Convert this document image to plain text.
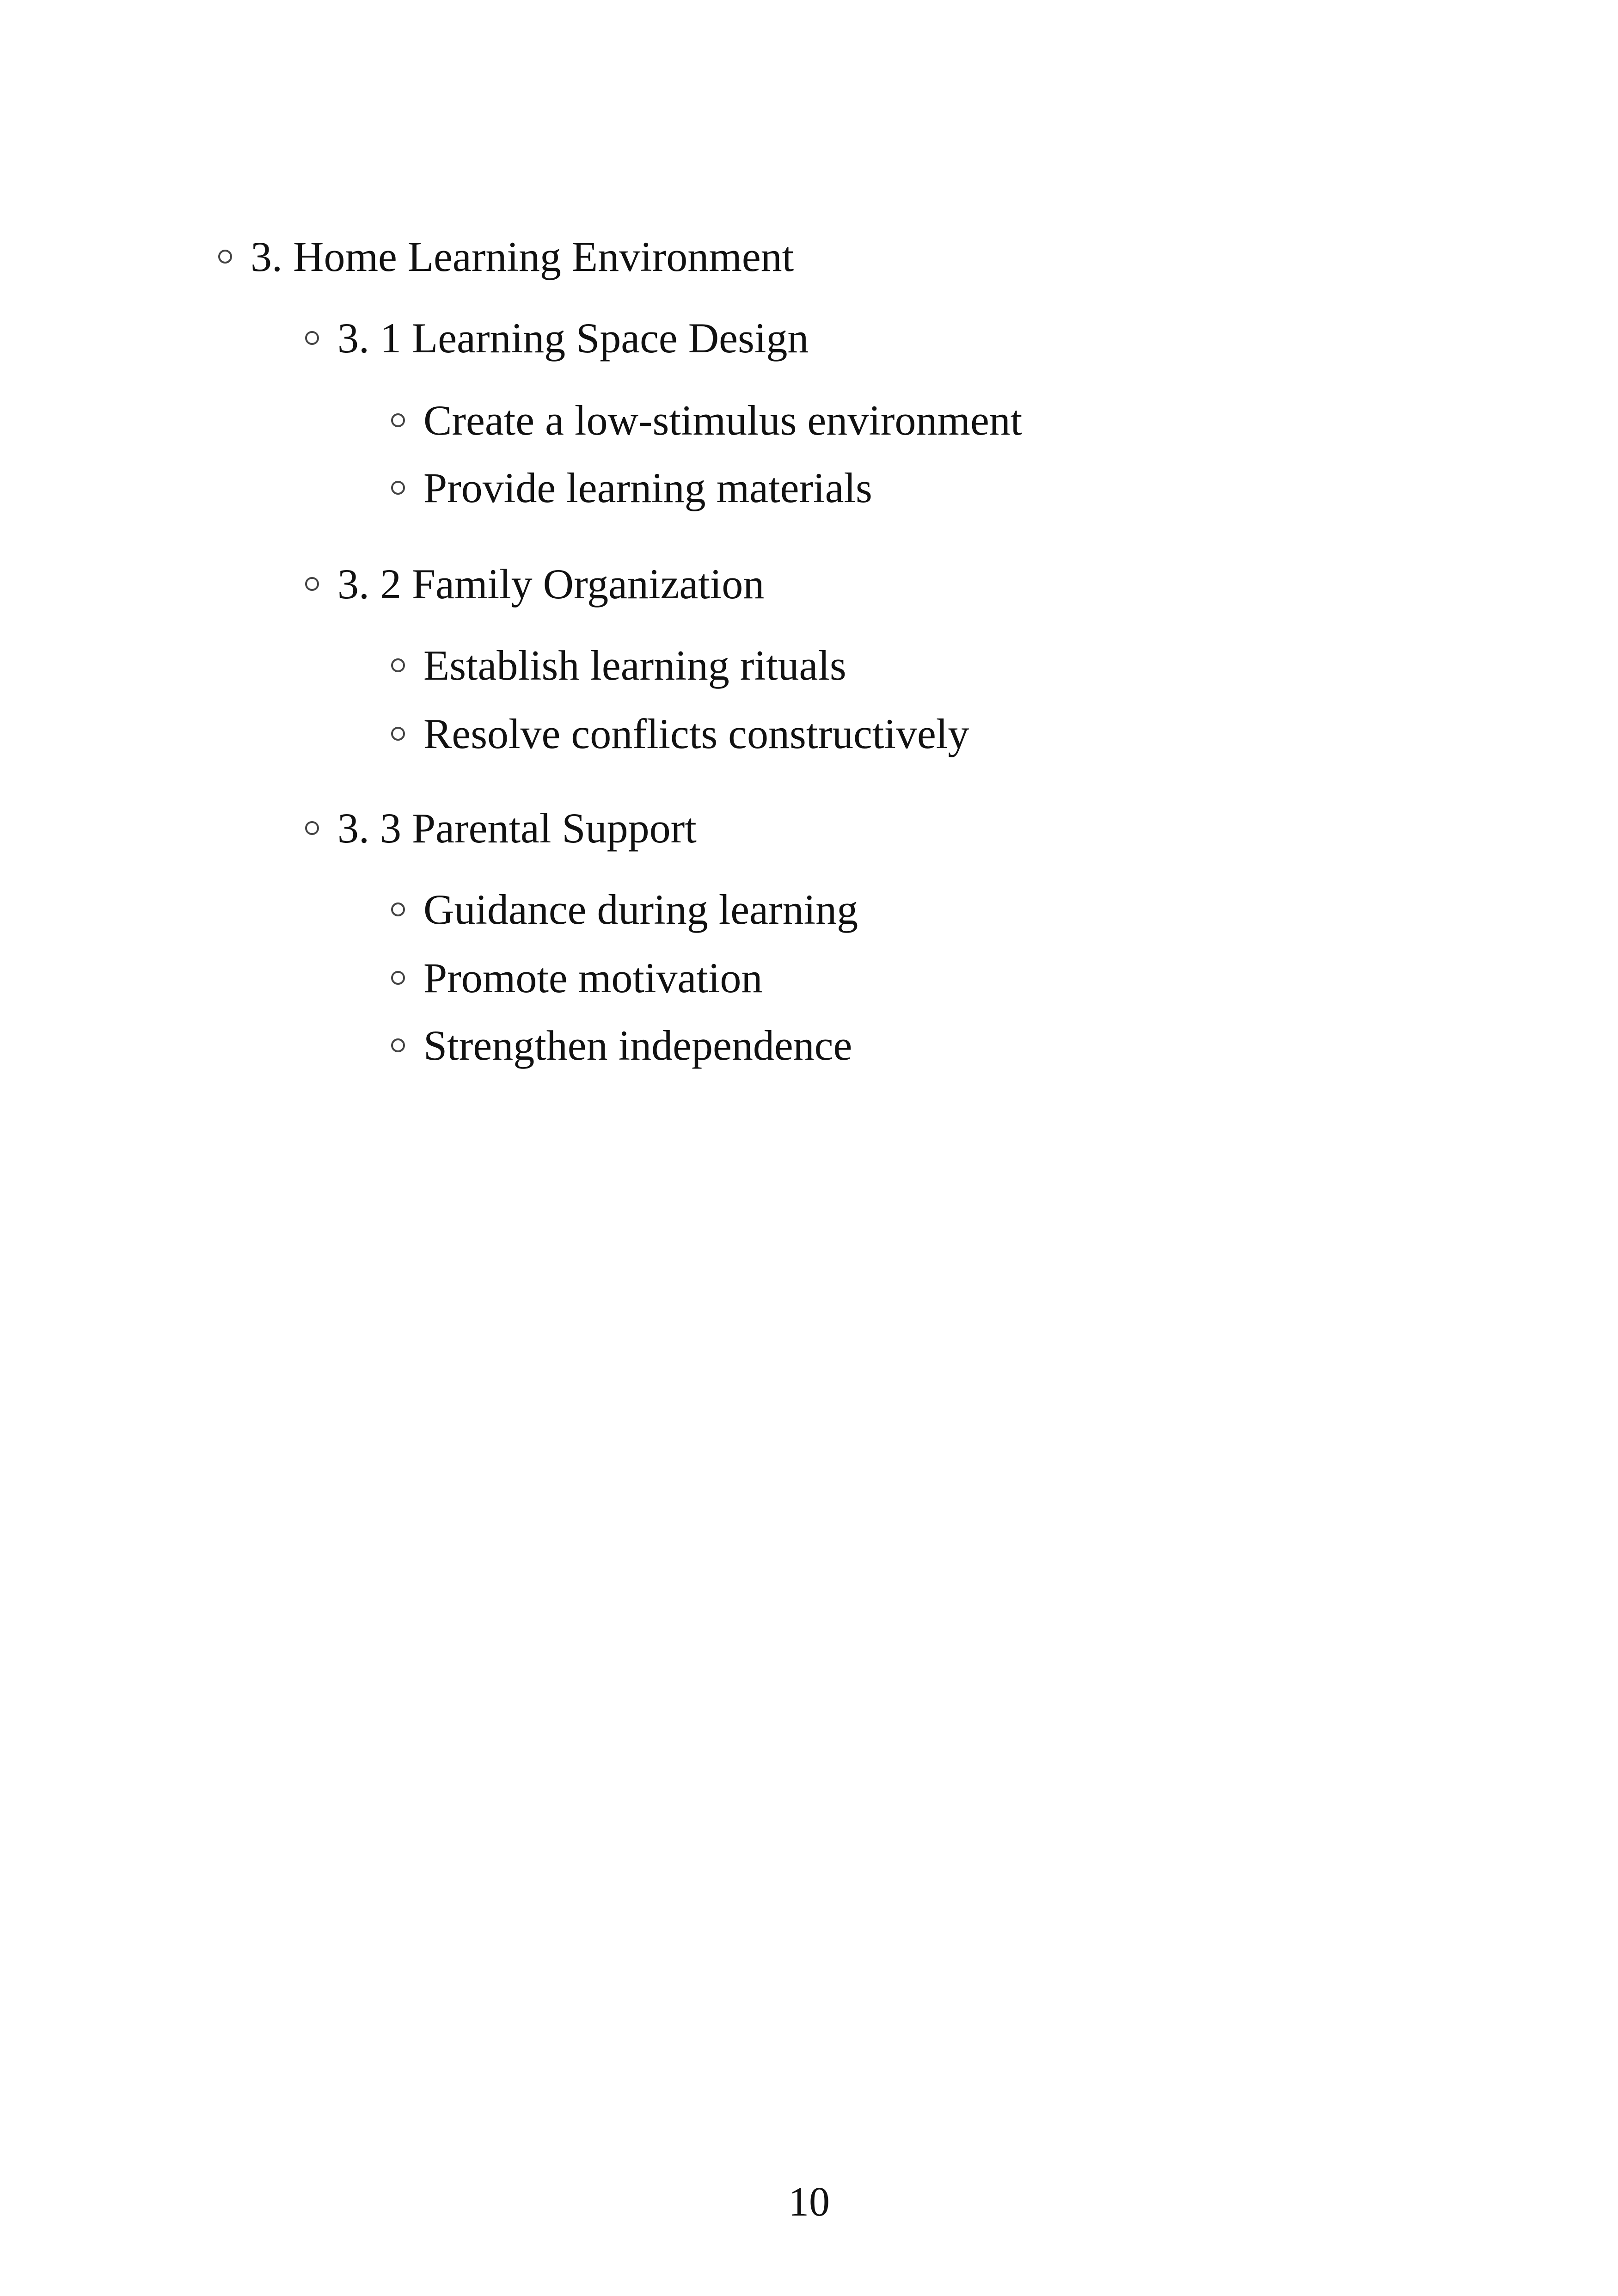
3. Home Learning Environment
3. 1 Learning Space Design
Create a low-stimulus environment
Provide learning materials
3. 2 Family Organization
Establish learning rituals
Resolve conflicts constructively
3. 3 Parental Support
Guidance during learning
Promote motivation
Strengthen independence
10
